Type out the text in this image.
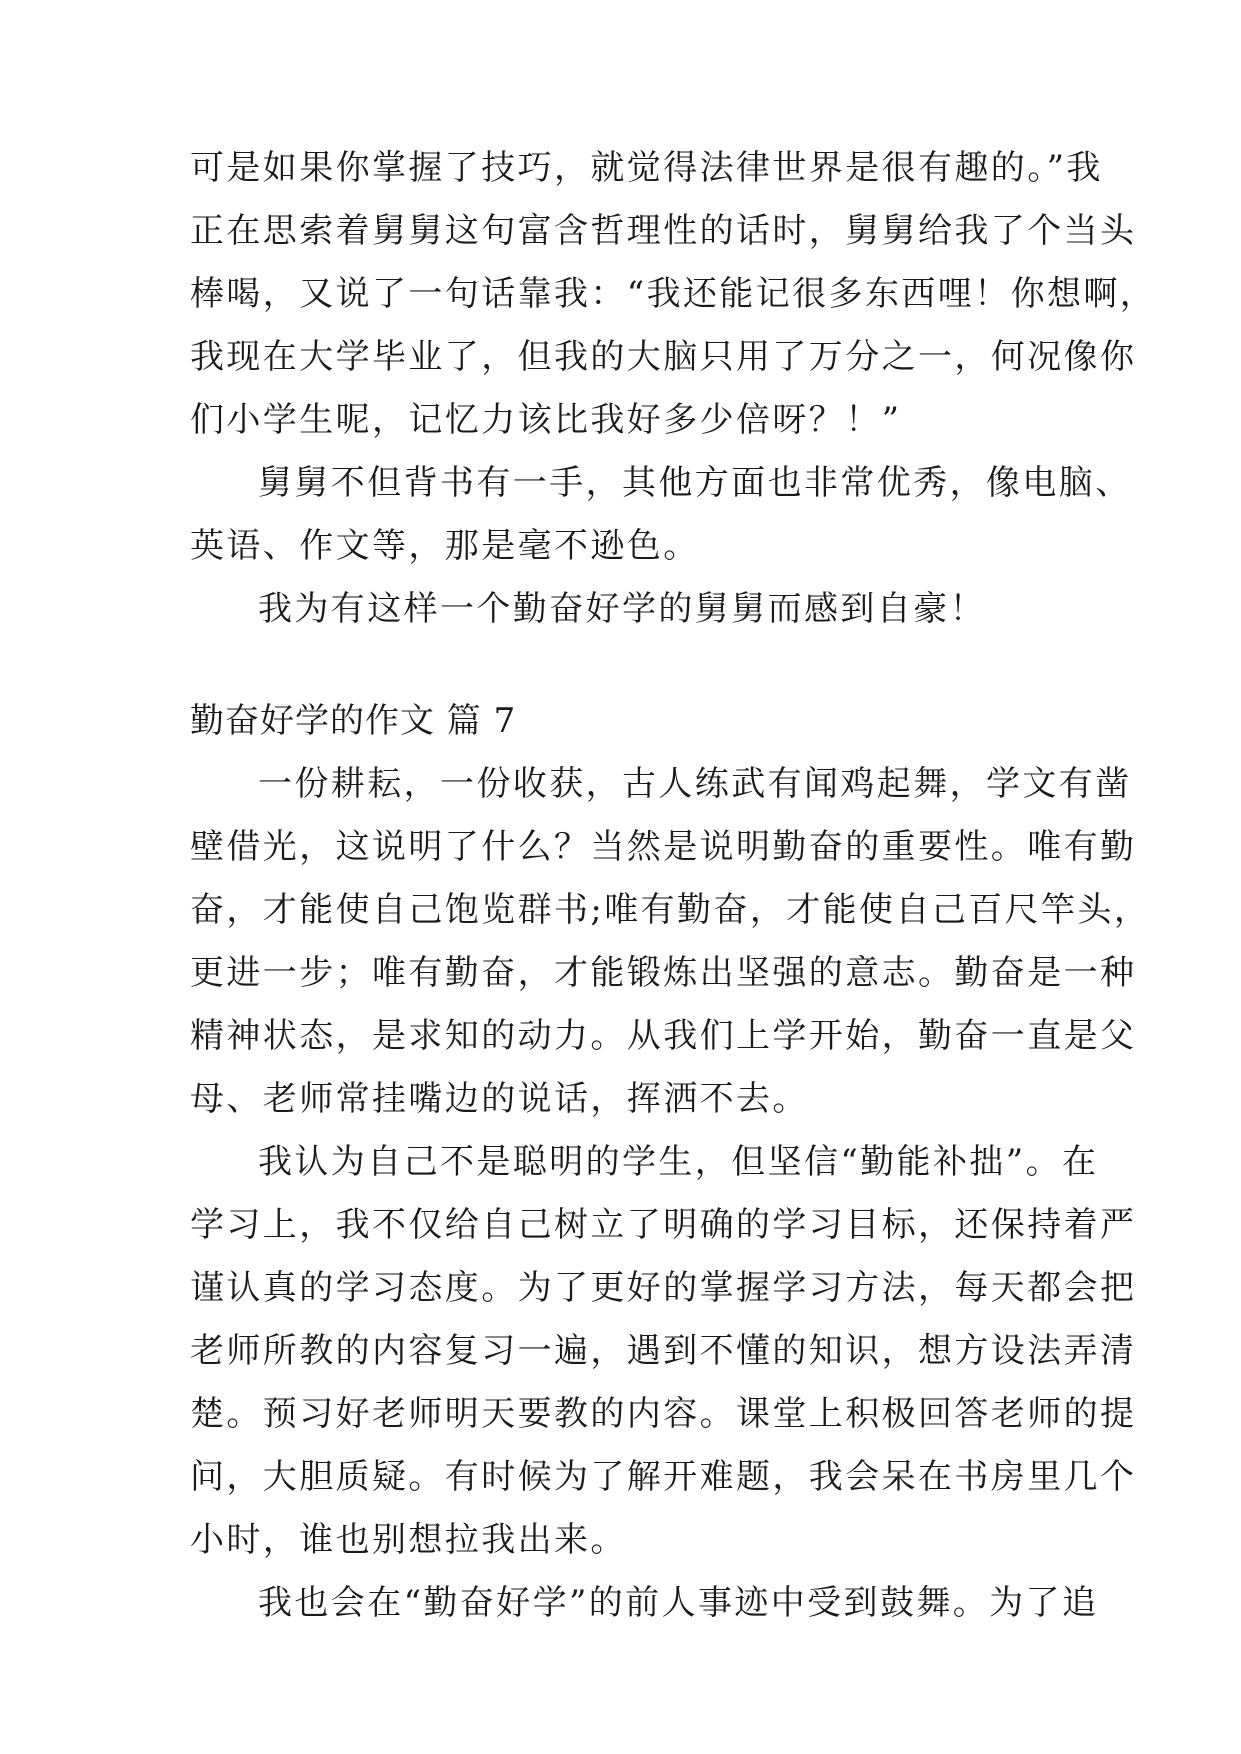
可是如果你掌握了技巧，就觉得法律世界是很有趣的。”我
正在思索着舅舅这句富含哲理性的话时，舅舅给我了个当头
棒喝，又说了一句话靠我：“我还能记很多东西哩！你想啊，
我现在大学毕业了，但我的大脑只用了万分之一，何况像你
们小学生呢，记忆力该比我好多少倍呀？！”
舅舅不但背书有一手，其他方面也非常优秀，像电脑、
英语、作文等，那是毫不逊色。
我为有这样一个勤奋好学的舅舅而感到自豪！
勤奋好学的作文 篇 7
一份耕耘，一份收获，古人练武有闻鸡起舞，学文有凿
壁借光，这说明了什么？当然是说明勤奋的重要性。唯有勤
奋，才能使自己饱览群书;唯有勤奋，才能使自己百尺竿头，
更进一步；唯有勤奋，才能锻炼出坚强的意志。勤奋是一种
精神状态，是求知的动力。从我们上学开始，勤奋一直是父
母、老师常挂嘴边的说话，挥洒不去。
我认为自己不是聪明的学生，但坚信“勤能补拙”。在
学习上，我不仅给自己树立了明确的学习目标，还保持着严
谨认真的学习态度。为了更好的掌握学习方法，每天都会把
老师所教的内容复习一遍，遇到不懂的知识，想方设法弄清
楚。预习好老师明天要教的内容。课堂上积极回答老师的提
问，大胆质疑。有时候为了解开难题，我会呆在书房里几个
小时，谁也别想拉我出来。
我也会在“勤奋好学”的前人事迹中受到鼓舞。为了追
